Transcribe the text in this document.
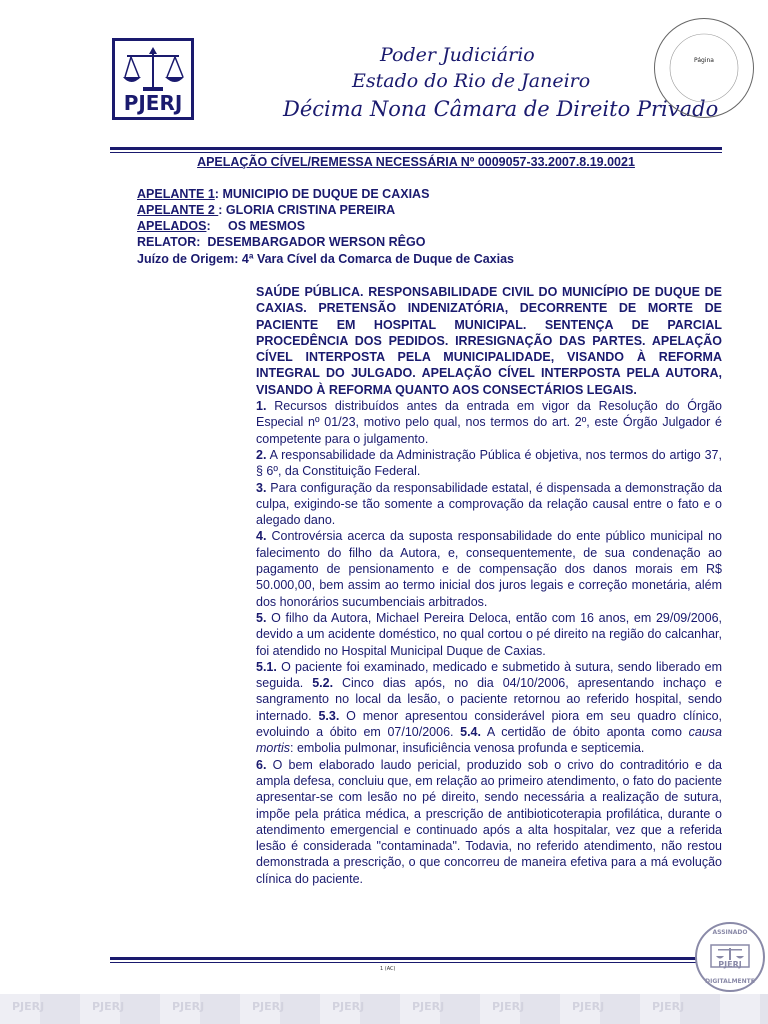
PJERJ
Poder Judiciário
Estado do Rio de Janeiro
Décima Nona Câmara de Direito Privado
Página
APELAÇÃO CÍVEL/REMESSA NECESSÁRIA Nº 0009057-33.2007.8.19.0021
APELANTE 1: MUNICIPIO DE DUQUE DE CAXIAS
APELANTE 2 : GLORIA CRISTINA PEREIRA
APELADOS:     OS MESMOS
RELATOR:  DESEMBARGADOR WERSON RÊGO
Juízo de Origem: 4ª Vara Cível da Comarca de Duque de Caxias

SAÚDE PÚBLICA. RESPONSABILIDADE CIVIL DO MUNICÍPIO DE DUQUE DE CAXIAS. PRETENSÃO INDENIZATÓRIA, DECORRENTE DE MORTE DE PACIENTE EM HOSPITAL MUNICIPAL. SENTENÇA DE PARCIAL PROCEDÊNCIA DOS PEDIDOS. IRRESIGNAÇÃO DAS PARTES. APELAÇÃO CÍVEL INTERPOSTA PELA MUNICIPALIDADE, VISANDO À REFORMA INTEGRAL DO JULGADO. APELAÇÃO CÍVEL INTERPOSTA PELA AUTORA, VISANDO À REFORMA QUANTO AOS CONSECTÁRIOS LEGAIS.

1. Recursos distribuídos antes da entrada em vigor da Resolução do Órgão Especial nº 01/23, motivo pelo qual, nos termos do art. 2º, este Órgão Julgador é competente para o julgamento.

2. A responsabilidade da Administração Pública é objetiva, nos termos do artigo 37, § 6º, da Constituição Federal.

3. Para configuração da responsabilidade estatal, é dispensada a demonstração da culpa, exigindo-se tão somente a comprovação da relação causal entre o fato e o alegado dano.

4. Controvérsia acerca da suposta responsabilidade do ente público municipal no falecimento do filho da Autora, e, consequentemente, de sua condenação ao pagamento de pensionamento e de compensação dos danos morais em R$ 50.000,00, bem assim ao termo inicial dos juros legais e correção monetária, além dos honorários sucumbenciais arbitrados.

5. O filho da Autora, Michael Pereira Deloca, então com 16 anos, em 29/09/2006, devido a um acidente doméstico, no qual cortou o pé direito na região do calcanhar, foi atendido no Hospital Municipal Duque de Caxias.

5.1. O paciente foi examinado, medicado e submetido à sutura, sendo liberado em seguida. 5.2. Cinco dias após, no dia 04/10/2006, apresentando inchaço e sangramento no local da lesão, o paciente retornou ao referido hospital, sendo internado. 5.3. O menor apresentou considerável piora em seu quadro clínico, evoluindo a óbito em 07/10/2006. 5.4. A certidão de óbito aponta como causa mortis: embolia pulmonar, insuficiência venosa profunda e septicemia.

6. O bem elaborado laudo pericial, produzido sob o crivo do contraditório e da ampla defesa, concluiu que, em relação ao primeiro atendimento, o fato do paciente apresentar-se com lesão no pé direito, sendo necessária a realização de sutura, impõe pela prática médica, a prescrição de antibioticoterapia profilática, durante o atendimento emergencial e continuado após a alta hospitalar, vez que a referida lesão é considerada "contaminada". Todavia, no referido atendimento, não restou demonstrada a prescrição, o que concorreu de maneira efetiva para a má evolução clínica do paciente.

1 (AC)
ASSINADO
PJERJ
DIGITALMENTE
PJERJ	PJERJ	PJERJ	PJERJ	PJERJ	PJERJ	PJERJ	PJERJ	PJERJ
